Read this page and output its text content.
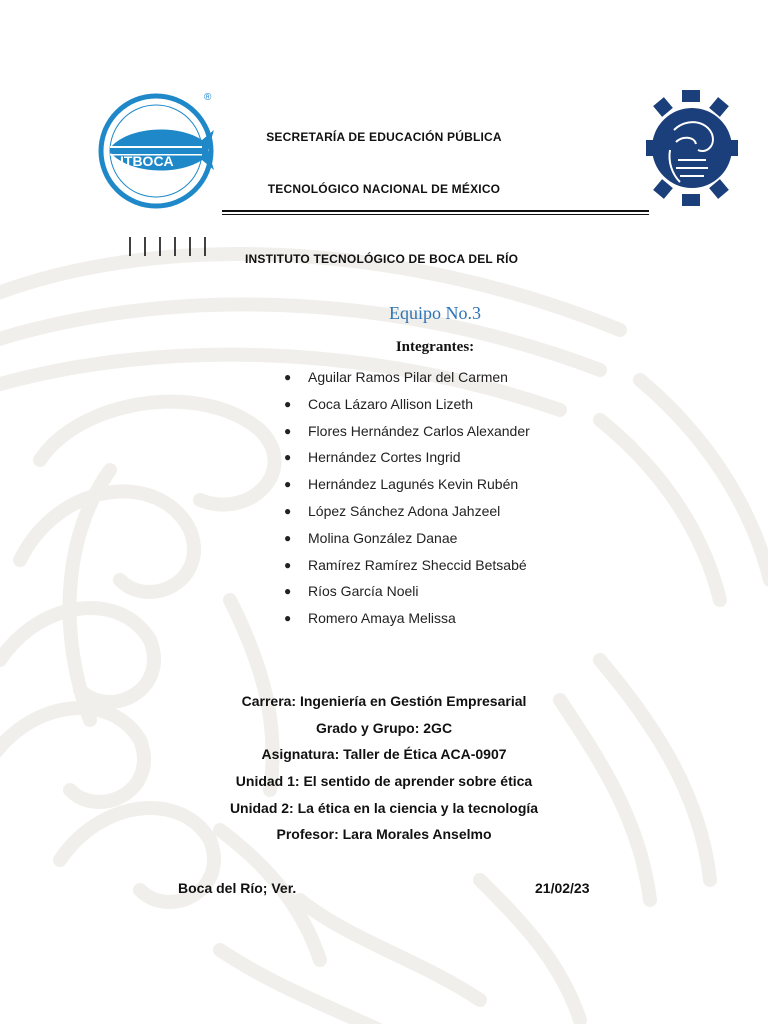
ITBOCA
®
SECRETARÍA DE EDUCACIÓN PÚBLICA
TECNOLÓGICO NACIONAL DE MÉXICO
||||||	INSTITUTO TECNOLÓGICO DE BOCA DEL RÍO
Equipo No.3
Integrantes:
● Aguilar Ramos Pilar del Carmen
● Coca Lázaro Allison Lizeth
● Flores Hernández Carlos Alexander
● Hernández Cortes Ingrid
● Hernández Lagunés Kevin Rubén
● López Sánchez Adona Jahzeel
● Molina González Danae
● Ramírez Ramírez Sheccid Betsabé
● Ríos García Noeli
● Romero Amaya Melissa
Carrera: Ingeniería en Gestión Empresarial
Grado y Grupo: 2GC
Asignatura: Taller de Ética ACA-0907
Unidad 1: El sentido de aprender sobre ética
Unidad 2: La ética en la ciencia y la tecnología
Profesor: Lara Morales Anselmo
Boca del Río; Ver.	21/02/23
